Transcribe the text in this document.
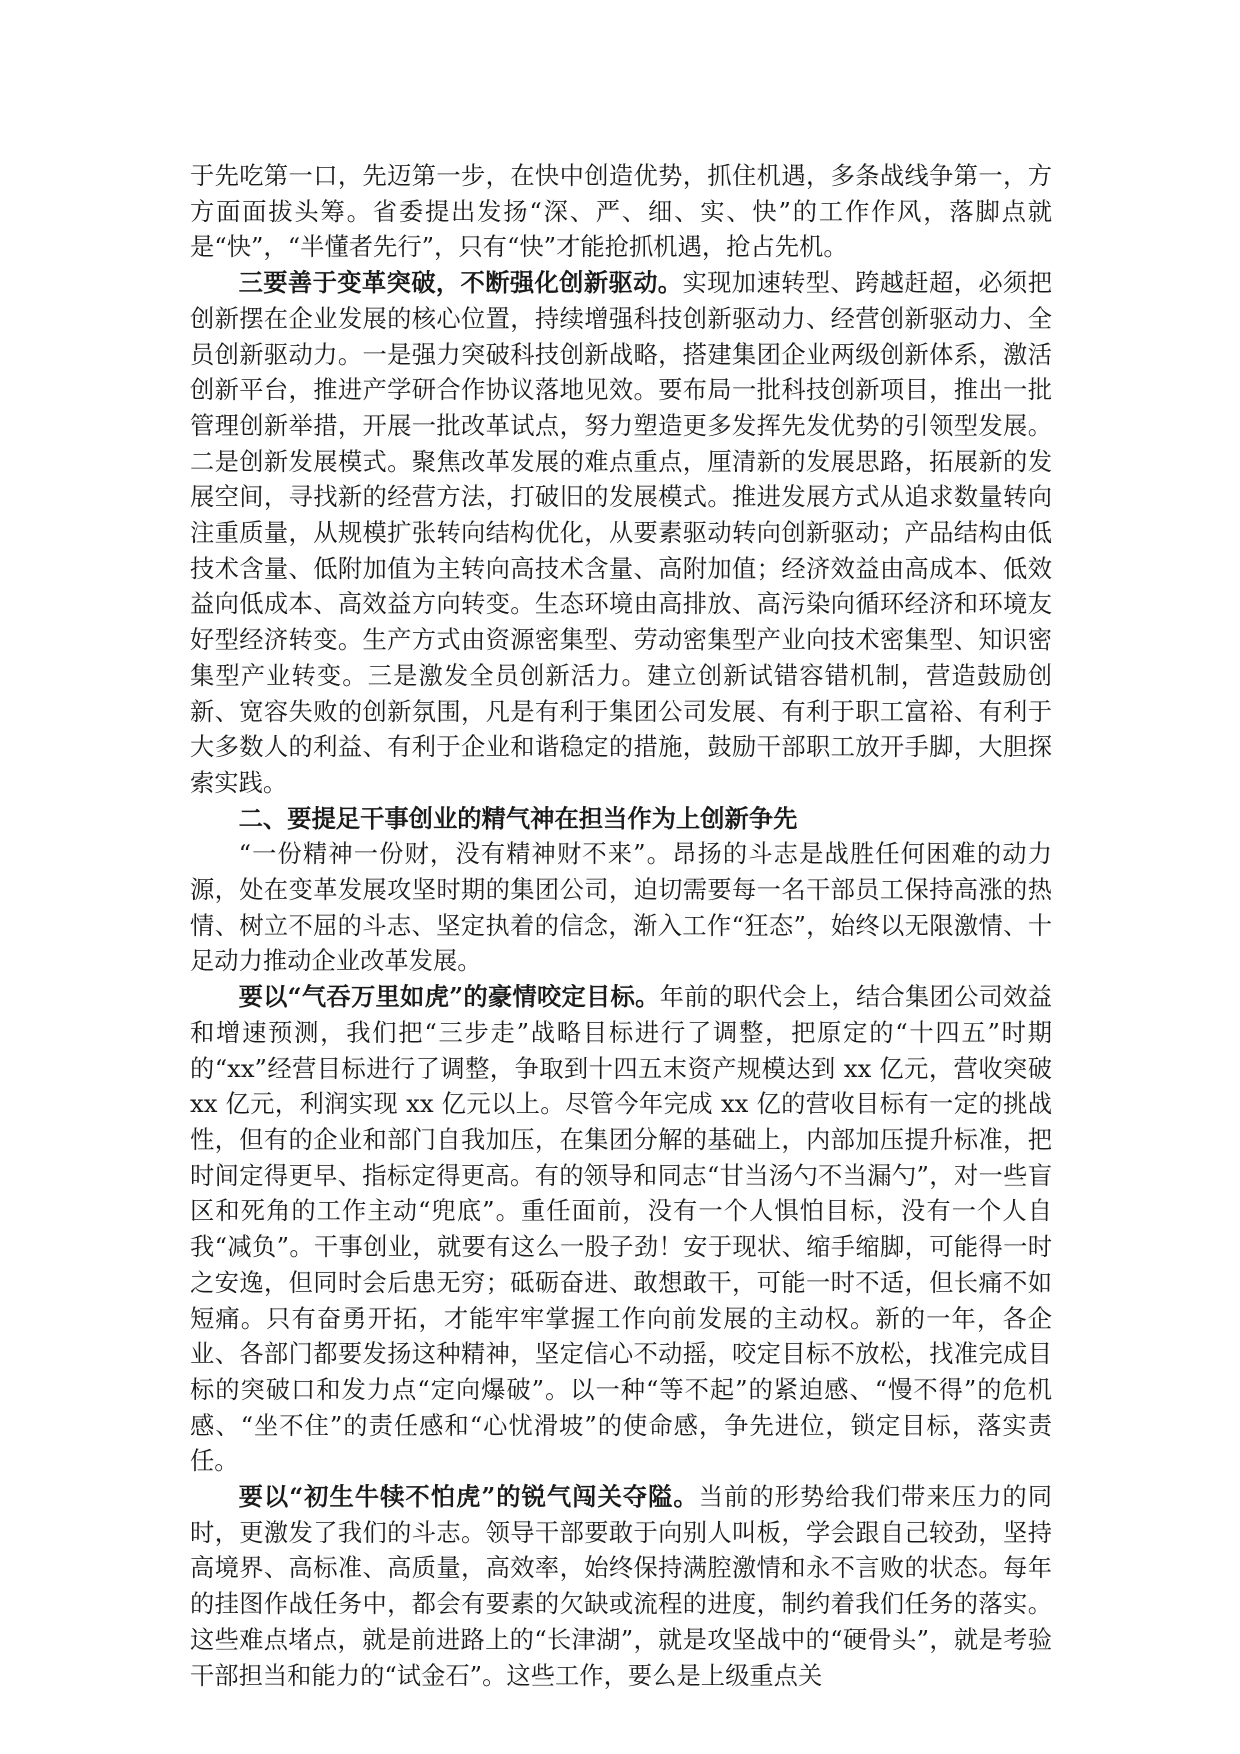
于先吃第一口，先迈第一步，在快中创造优势，抓住机遇，多条战线争第一，方方面面拔头筹。省委提出发扬“深、严、细、实、快”的工作作风，落脚点就是“快”，“半懂者先行”，只有“快”才能抢抓机遇，抢占先机。

三要善于变革突破，不断强化创新驱动。实现加速转型、跨越赶超，必须把创新摆在企业发展的核心位置，持续增强科技创新驱动力、经营创新驱动力、全员创新驱动力。一是强力突破科技创新战略，搭建集团企业两级创新体系，激活创新平台，推进产学研合作协议落地见效。要布局一批科技创新项目，推出一批管理创新举措，开展一批改革试点，努力塑造更多发挥先发优势的引领型发展。二是创新发展模式。聚焦改革发展的难点重点，厘清新的发展思路，拓展新的发展空间，寻找新的经营方法，打破旧的发展模式。推进发展方式从追求数量转向注重质量，从规模扩张转向结构优化，从要素驱动转向创新驱动；产品结构由低技术含量、低附加值为主转向高技术含量、高附加值；经济效益由高成本、低效益向低成本、高效益方向转变。生态环境由高排放、高污染向循环经济和环境友好型经济转变。生产方式由资源密集型、劳动密集型产业向技术密集型、知识密集型产业转变。三是激发全员创新活力。建立创新试错容错机制，营造鼓励创新、宽容失败的创新氛围，凡是有利于集团公司发展、有利于职工富裕、有利于大多数人的利益、有利于企业和谐稳定的措施，鼓励干部职工放开手脚，大胆探索实践。

二、要提足干事创业的精气神在担当作为上创新争先

“一份精神一份财，没有精神财不来”。昂扬的斗志是战胜任何困难的动力源，处在变革发展攻坚时期的集团公司，迫切需要每一名干部员工保持高涨的热情、树立不屈的斗志、坚定执着的信念，渐入工作“狂态”，始终以无限激情、十足动力推动企业改革发展。

要以“气吞万里如虎”的豪情咬定目标。年前的职代会上，结合集团公司效益和增速预测，我们把“三步走”战略目标进行了调整，把原定的“十四五”时期的“xx”经营目标进行了调整，争取到十四五末资产规模达到 xx 亿元，营收突破 xx 亿元，利润实现 xx 亿元以上。尽管今年完成 xx 亿的营收目标有一定的挑战性，但有的企业和部门自我加压，在集团分解的基础上，内部加压提升标准，把时间定得更早、指标定得更高。有的领导和同志“甘当汤勺不当漏勺”，对一些盲区和死角的工作主动“兜底”。重任面前，没有一个人惧怕目标，没有一个人自我“减负”。干事创业，就要有这么一股子劲！安于现状、缩手缩脚，可能得一时之安逸，但同时会后患无穷；砥砺奋进、敢想敢干，可能一时不适，但长痛不如短痛。只有奋勇开拓，才能牢牢掌握工作向前发展的主动权。新的一年，各企业、各部门都要发扬这种精神，坚定信心不动摇，咬定目标不放松，找准完成目标的突破口和发力点“定向爆破”。以一种“等不起”的紧迫感、“慢不得”的危机感、“坐不住”的责任感和“心忧滑坡”的使命感，争先进位，锁定目标，落实责任。

要以“初生牛犊不怕虎”的锐气闯关夺隘。当前的形势给我们带来压力的同时，更激发了我们的斗志。领导干部要敢于向别人叫板，学会跟自己较劲，坚持高境界、高标准、高质量，高效率，始终保持满腔激情和永不言败的状态。每年的挂图作战任务中，都会有要素的欠缺或流程的进度，制约着我们任务的落实。这些难点堵点，就是前进路上的“长津湖”，就是攻坚战中的“硬骨头”，就是考验干部担当和能力的“试金石”。这些工作，要么是上级重点关
